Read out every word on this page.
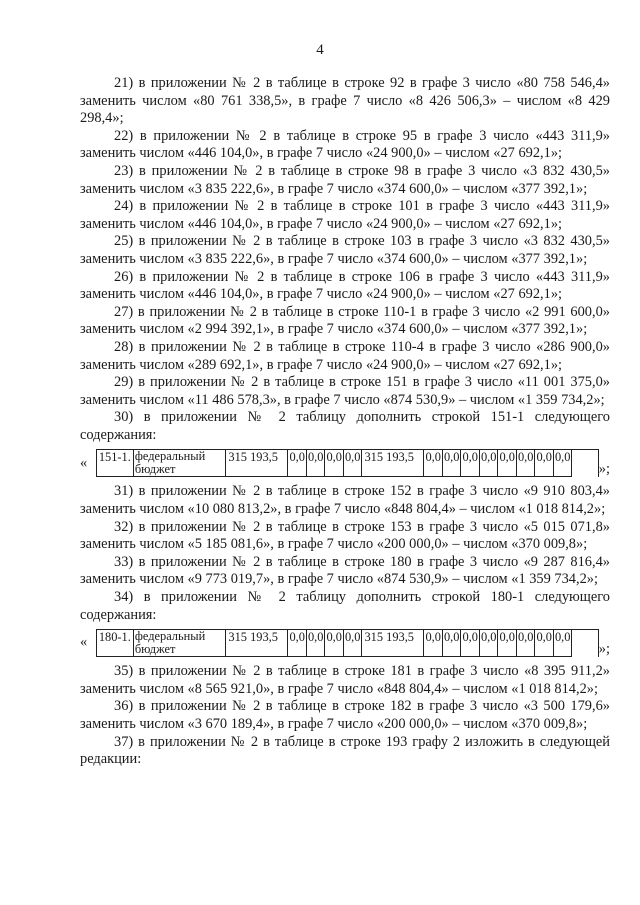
4

21) в приложении № 2 в таблице в строке 92 в графе 3 число «80 758 546,4» заменить числом «80 761 338,5», в графе 7 число «8 426 506,3» – числом «8 429 298,4»;

22) в приложении № 2 в таблице в строке 95 в графе 3 число «443 311,9» заменить числом «446 104,0», в графе 7 число «24 900,0» – числом «27 692,1»;

23) в приложении № 2 в таблице в строке 98 в графе 3 число «3 832 430,5» заменить числом «3 835 222,6», в графе 7 число «374 600,0» – числом «377 392,1»;

24) в приложении № 2 в таблице в строке 101 в графе 3 число «443 311,9» заменить числом «446 104,0», в графе 7 число «24 900,0» – числом «27 692,1»;

25) в приложении № 2 в таблице в строке 103 в графе 3 число «3 832 430,5» заменить числом «3 835 222,6», в графе 7 число «374 600,0» – числом «377 392,1»;

26) в приложении № 2 в таблице в строке 106 в графе 3 число «443 311,9» заменить числом «446 104,0», в графе 7 число «24 900,0» – числом «27 692,1»;

27) в приложении № 2 в таблице в строке 110-1 в графе 3 число «2 991 600,0» заменить числом «2 994 392,1», в графе 7 число «374 600,0» – числом «377 392,1»;

28) в приложении № 2 в таблице в строке 110-4 в графе 3 число «286 900,0» заменить числом «289 692,1», в графе 7 число «24 900,0» – числом «27 692,1»;

29) в приложении № 2 в таблице в строке 151 в графе 3 число «11 001 375,0» заменить числом «11 486 578,3», в графе 7 число «874 530,9» – числом «1 359 734,2»;

30) в приложении № 2 таблицу дополнить строкой 151-1 следующего содержания:

« 151-1.	федеральный бюджет	315 193,5	0,0	0,0	0,0	0,0	315 193,5	0,0	0,0	0,0	0,0	0,0	0,0	0,0	0,0	
»;

31) в приложении № 2 в таблице в строке 152 в графе 3 число «9 910 803,4» заменить числом «10 080 813,2», в графе 7 число «848 804,4» – числом «1 018 814,2»;

32) в приложении № 2 в таблице в строке 153 в графе 3 число «5 015 071,8» заменить числом «5 185 081,6», в графе 7 число «200 000,0» – числом «370 009,8»;

33) в приложении № 2 в таблице в строке 180 в графе 3 число «9 287 816,4» заменить числом «9 773 019,7», в графе 7 число «874 530,9» – числом «1 359 734,2»;

34) в приложении № 2 таблицу дополнить строкой 180-1 следующего содержания:

« 180-1.	федеральный бюджет	315 193,5	0,0	0,0	0,0	0,0	315 193,5	0,0	0,0	0,0	0,0	0,0	0,0	0,0	0,0	
»;

35) в приложении № 2 в таблице в строке 181 в графе 3 число «8 395 911,2» заменить числом «8 565 921,0», в графе 7 число «848 804,4» – числом «1 018 814,2»;

36) в приложении № 2 в таблице в строке 182 в графе 3 число «3 500 179,6» заменить числом «3 670 189,4», в графе 7 число «200 000,0» – числом «370 009,8»;

37) в приложении № 2 в таблице в строке 193 графу 2 изложить в следующей редакции:
